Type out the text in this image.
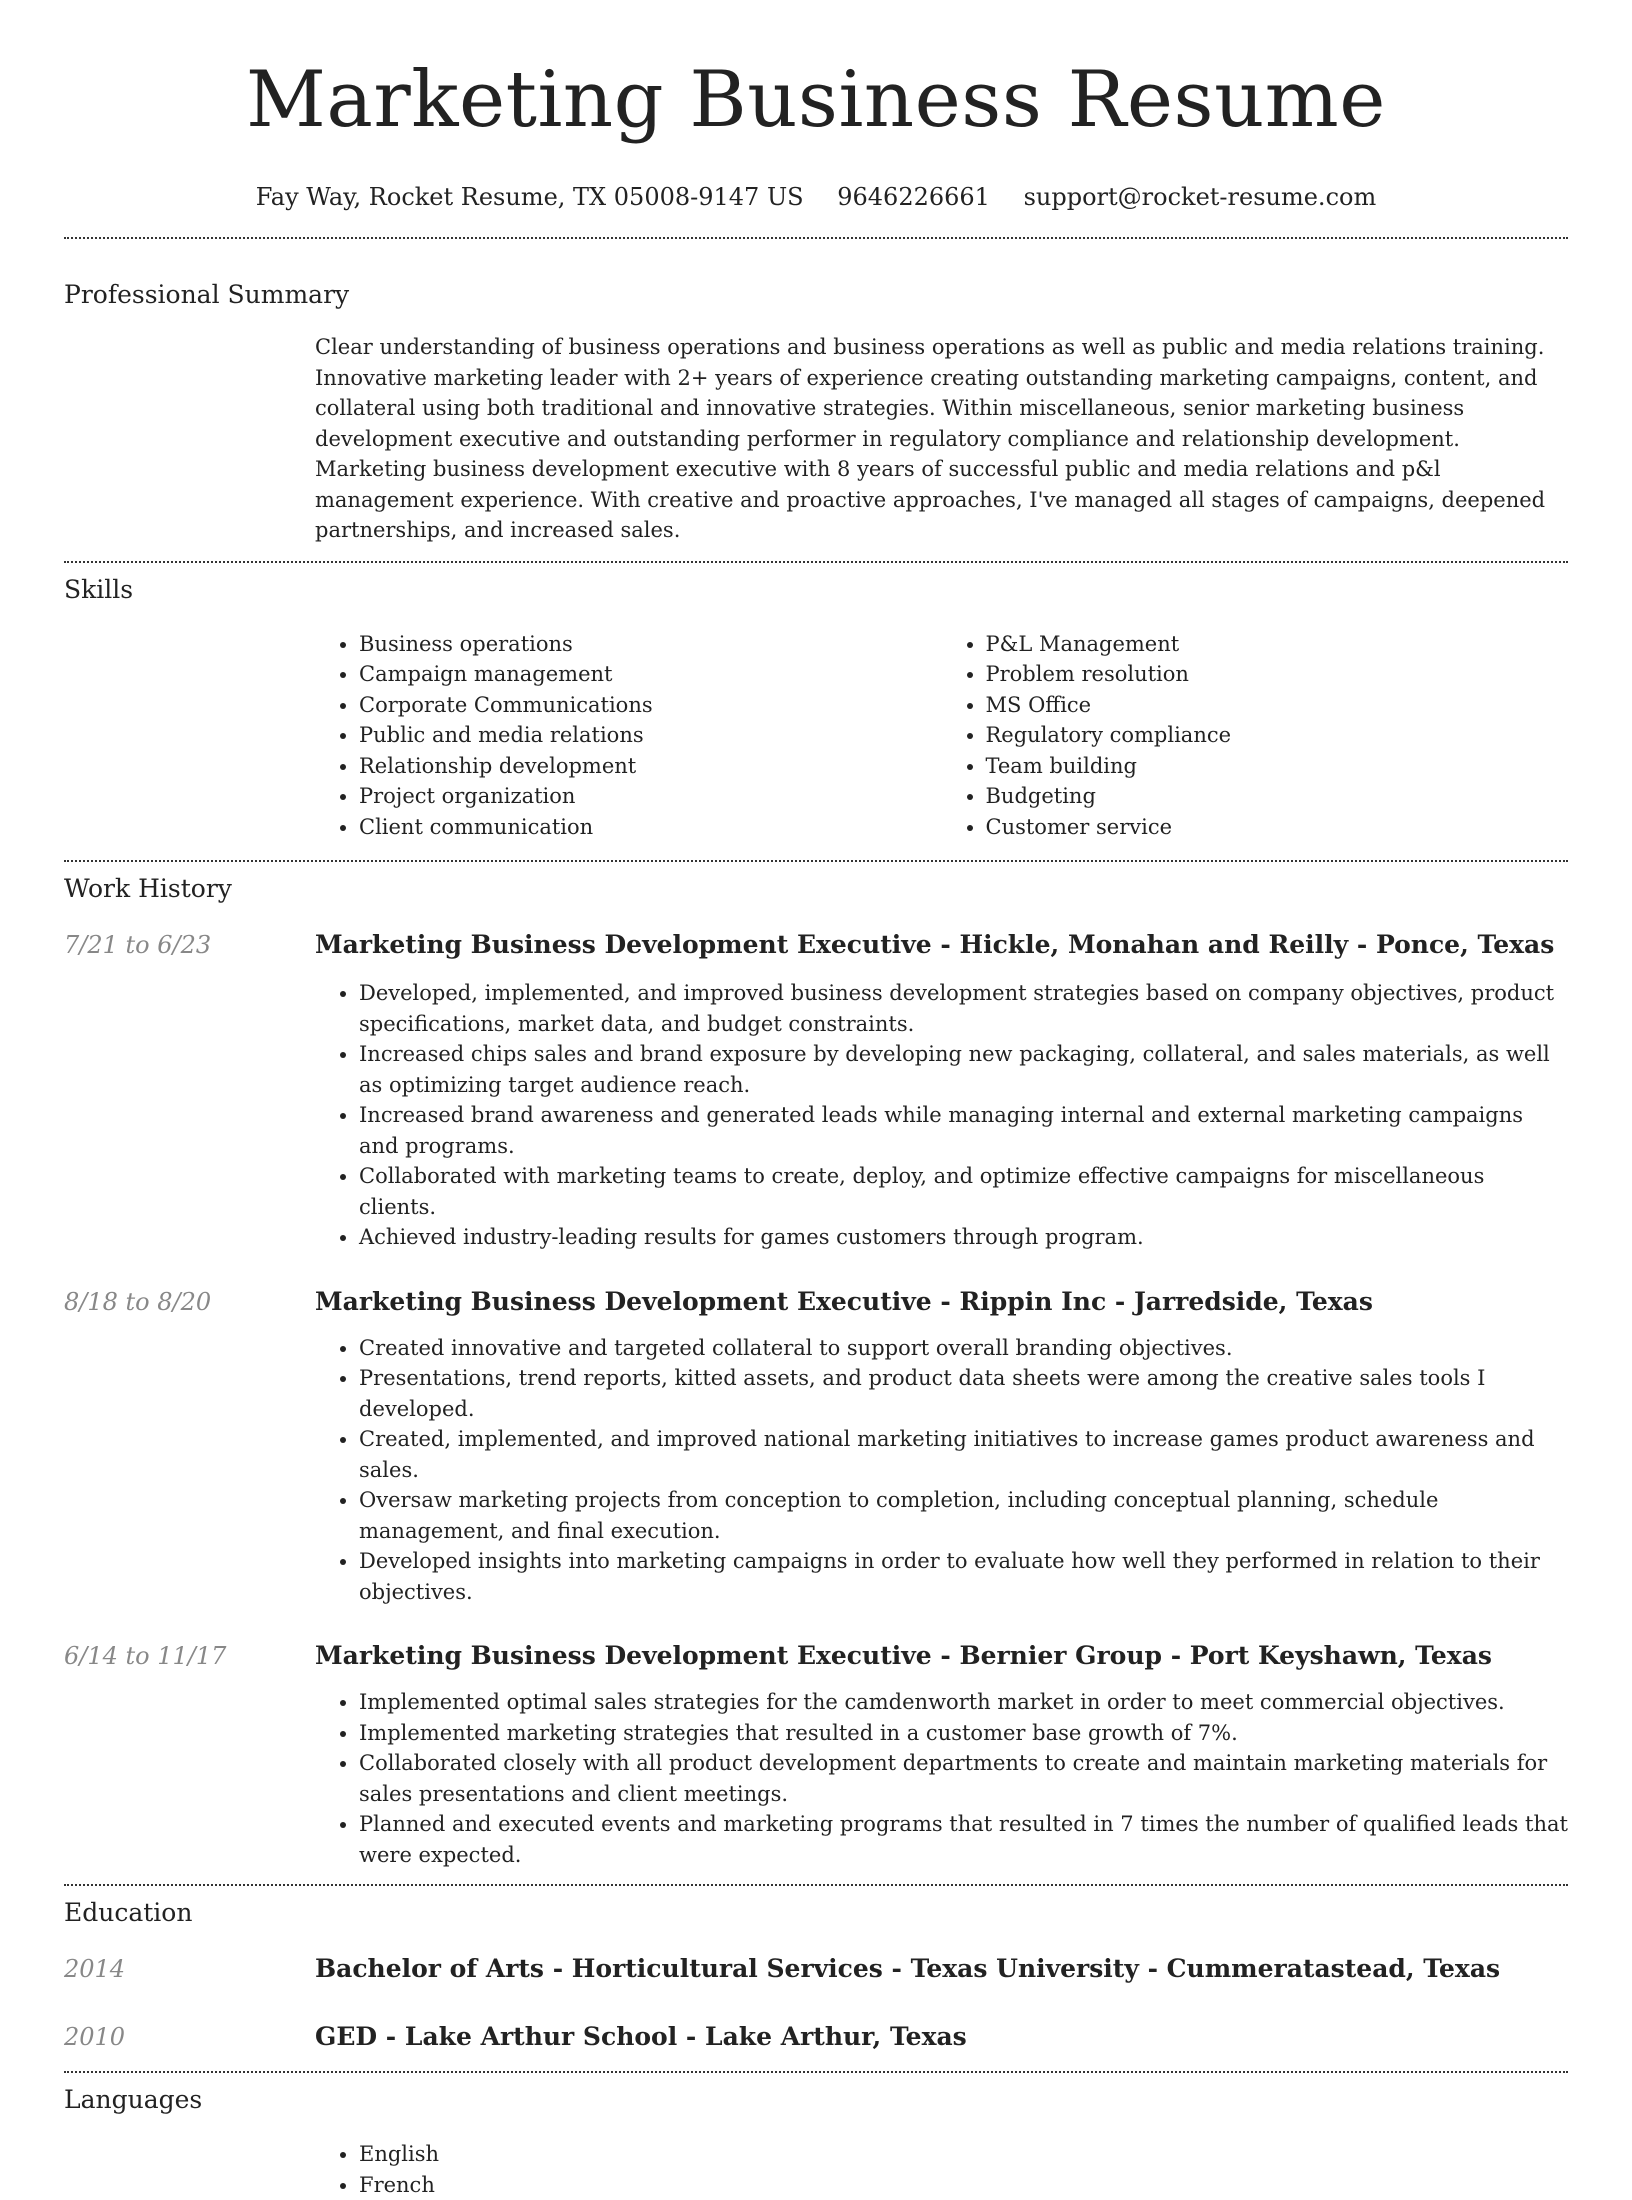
Marketing Business Resume
Fay Way, Rocket Resume, TX 05008-9147 US 9646226661 support@rocket-resume.com
Professional Summary

Clear understanding of business operations and business operations as well as public and media relations training. Innovative marketing leader with 2+ years of experience creating outstanding marketing campaigns, content, and collateral using both traditional and innovative strategies. Within miscellaneous, senior marketing business development executive and outstanding performer in regulatory compliance and relationship development. Marketing business development executive with 8 years of successful public and media relations and p&l management experience. With creative and proactive approaches, I've managed all stages of campaigns, deepened partnerships, and increased sales.

Skills
• Business operations
• Campaign management
• Corporate Communications
• Public and media relations
• Relationship development
• Project organization
• Client communication
• P&L Management
• Problem resolution
• MS Office
• Regulatory compliance
• Team building
• Budgeting
• Customer service
Work History
7/21 to 6/23	Marketing Business Development Executive - Hickle, Monahan and Reilly - Ponce, Texas
• Developed, implemented, and improved business development strategies based on company objectives, product specifications, market data, and budget constraints.
• Increased chips sales and brand exposure by developing new packaging, collateral, and sales materials, as well as optimizing target audience reach.
• Increased brand awareness and generated leads while managing internal and external marketing campaigns and programs.
• Collaborated with marketing teams to create, deploy, and optimize effective campaigns for miscellaneous clients.
• Achieved industry-leading results for games customers through program.
8/18 to 8/20	Marketing Business Development Executive - Rippin Inc - Jarredside, Texas
• Created innovative and targeted collateral to support overall branding objectives.
• Presentations, trend reports, kitted assets, and product data sheets were among the creative sales tools I developed.
• Created, implemented, and improved national marketing initiatives to increase games product awareness and sales.
• Oversaw marketing projects from conception to completion, including conceptual planning, schedule management, and final execution.
• Developed insights into marketing campaigns in order to evaluate how well they performed in relation to their objectives.
6/14 to 11/17	Marketing Business Development Executive - Bernier Group - Port Keyshawn, Texas
• Implemented optimal sales strategies for the camdenworth market in order to meet commercial objectives.
• Implemented marketing strategies that resulted in a customer base growth of 7%.
• Collaborated closely with all product development departments to create and maintain marketing materials for sales presentations and client meetings.
• Planned and executed events and marketing programs that resulted in 7 times the number of qualified leads that were expected.
Education
2014	Bachelor of Arts - Horticultural Services - Texas University - Cummeratastead, Texas
2010	GED - Lake Arthur School - Lake Arthur, Texas
Languages
• English
• French
